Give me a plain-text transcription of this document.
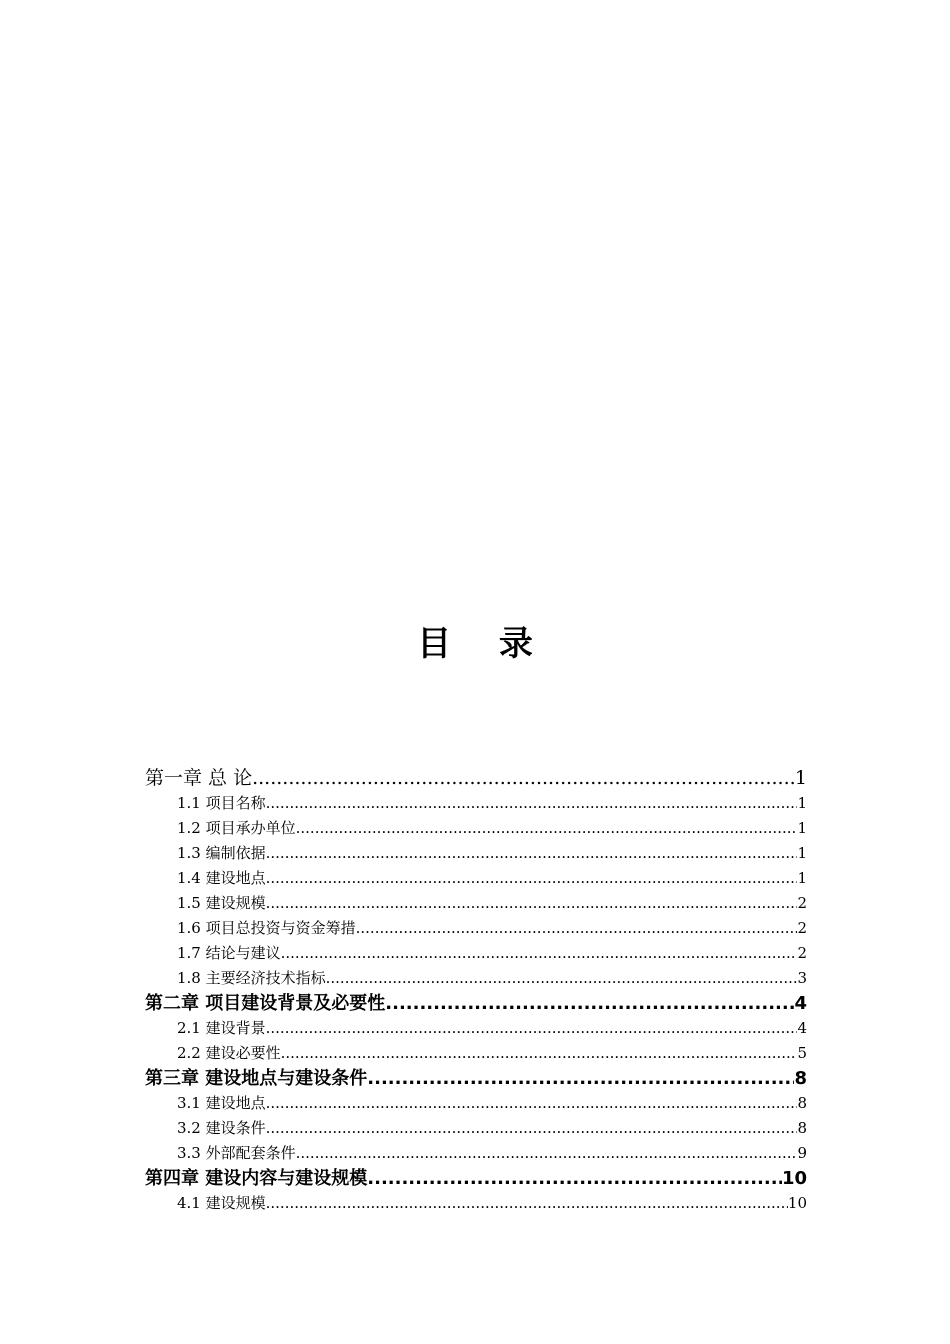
目 录
第一章 总 论 .....	1
1.1 项目名称 .....	1
1.2 项目承办单位 .....	1
1.3 编制依据 .....	1
1.4 建设地点 .....	1
1.5 建设规模 .....	2
1.6 项目总投资与资金筹措 .....	2
1.7 结论与建议 .....	2
1.8 主要经济技术指标 .....	3
第二章 项目建设背景及必要性 .....	4
2.1 建设背景 .....	4
2.2 建设必要性 .....	5
第三章 建设地点与建设条件 .....	8
3.1 建设地点 .....	8
3.2 建设条件 .....	8
3.3 外部配套条件 .....	9
第四章 建设内容与建设规模 .....	10
4.1 建设规模 .....	10
